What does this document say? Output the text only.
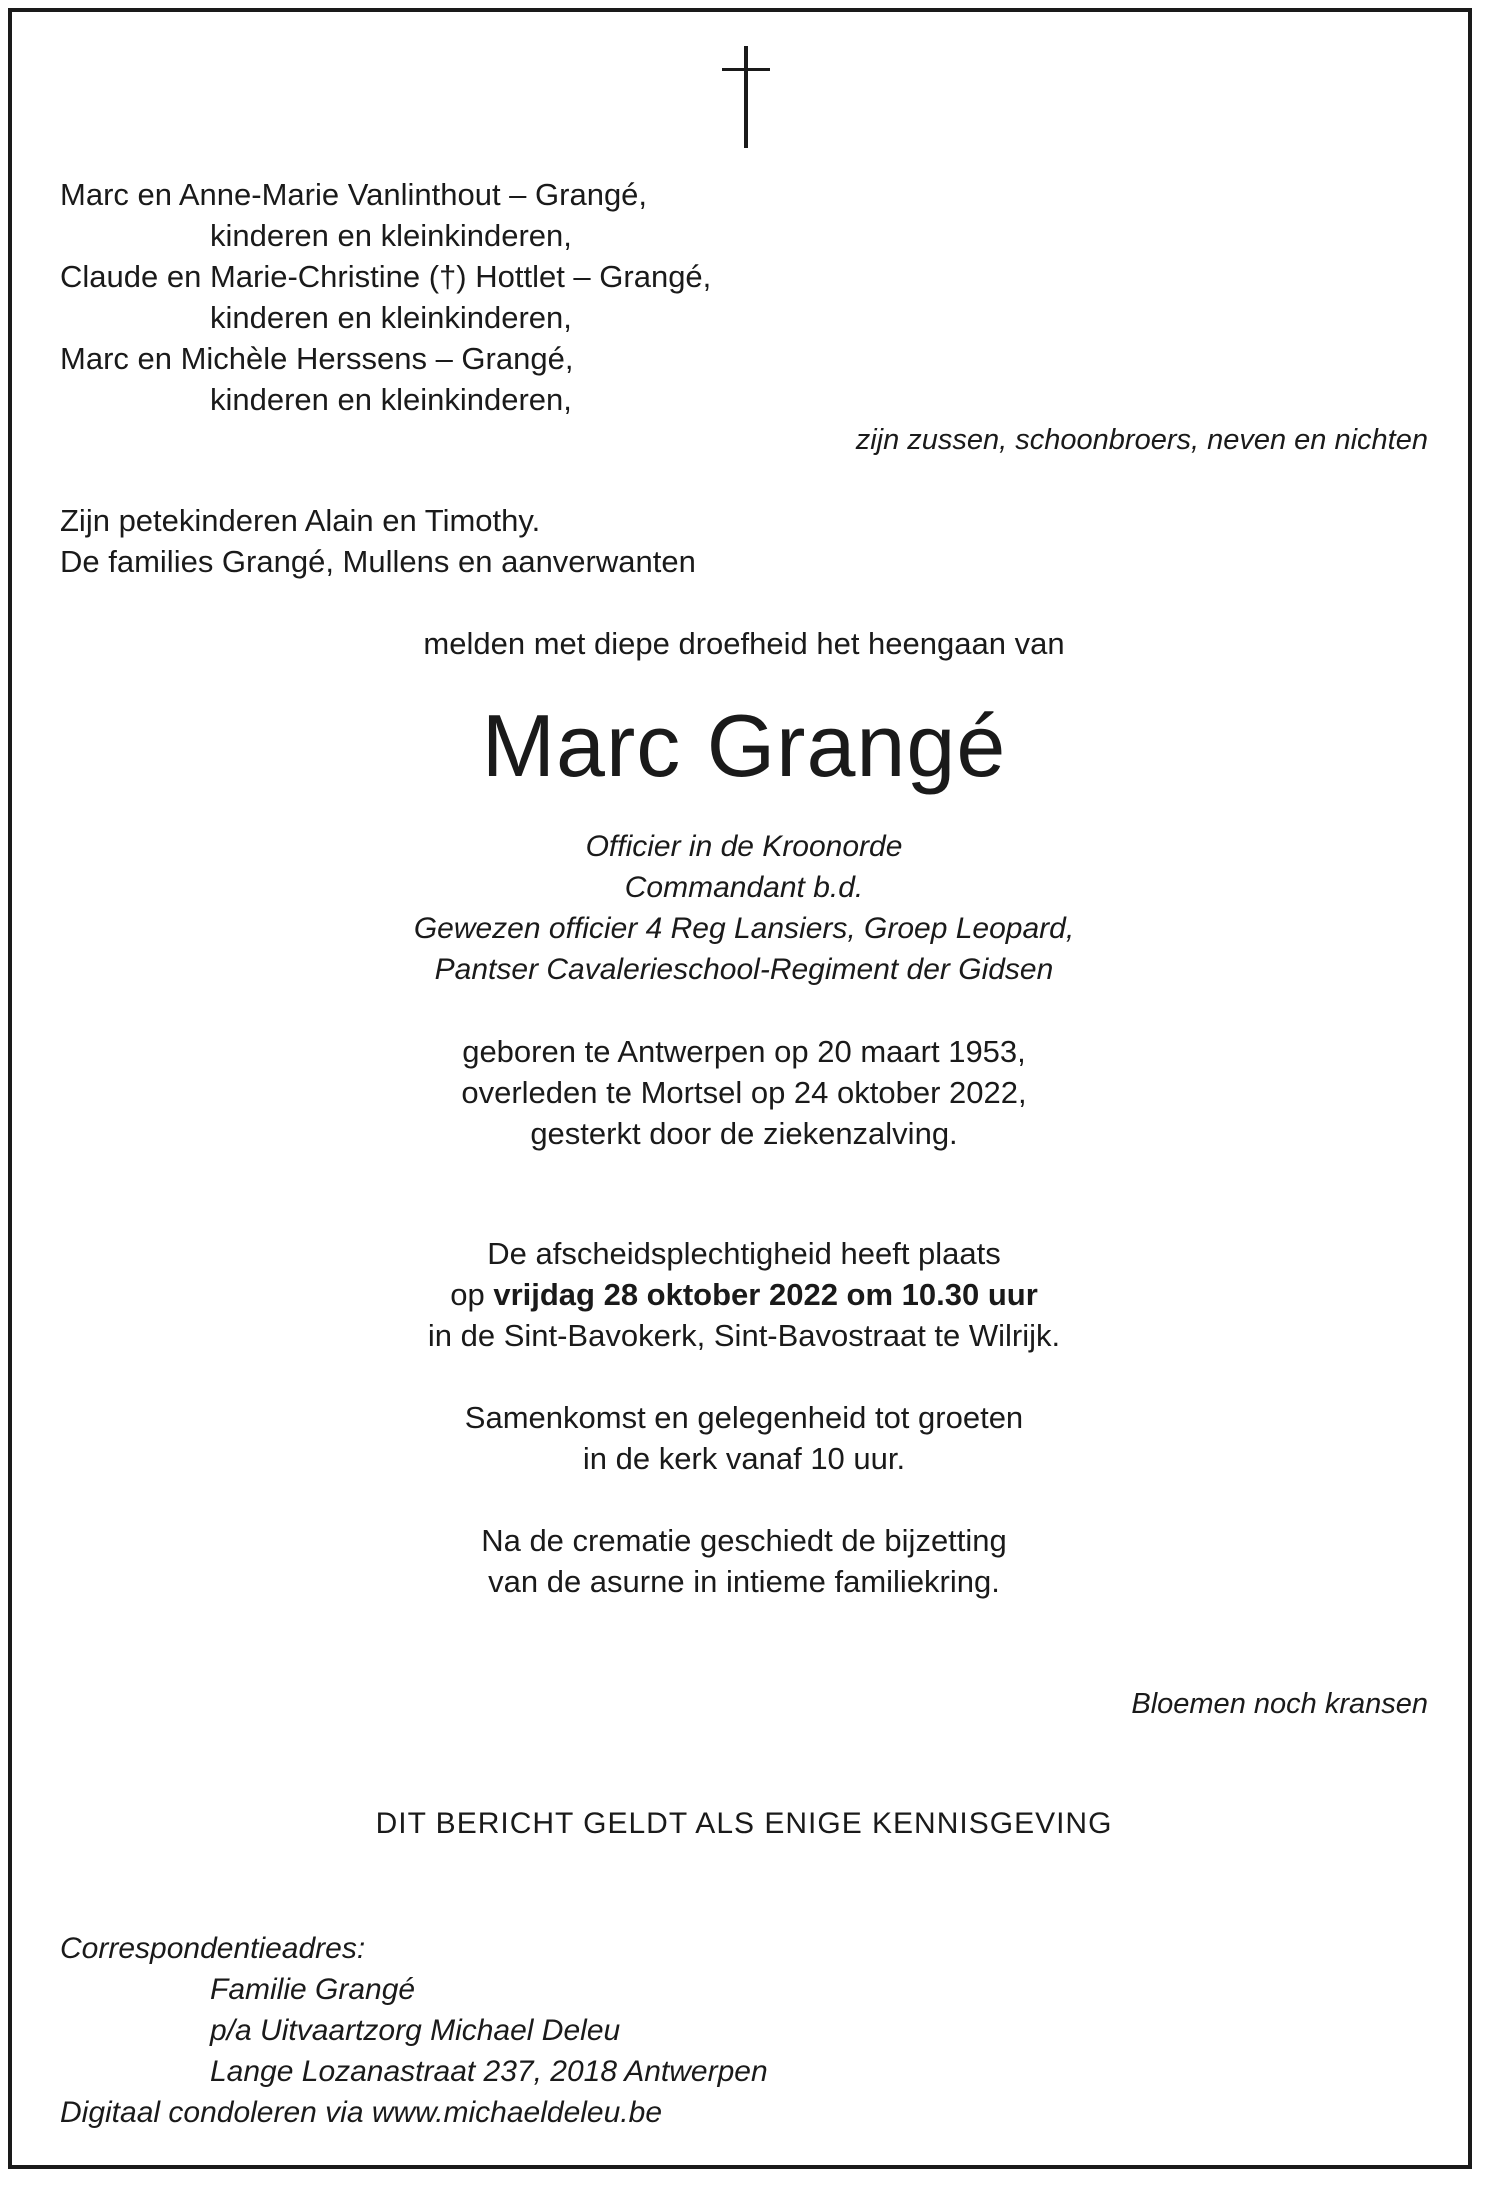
Marc en Anne-Marie Vanlinthout – Grangé,
kinderen en kleinkinderen,
Claude en Marie-Christine (†) Hottlet – Grangé,
kinderen en kleinkinderen,
Marc en Michèle Herssens – Grangé,
kinderen en kleinkinderen,
zijn zussen, schoonbroers, neven en nichten
Zijn petekinderen Alain en Timothy.
De families Grangé, Mullens en aanverwanten
melden met diepe droefheid het heengaan van
Marc Grangé
Officier in de Kroonorde
Commandant b.d.
Gewezen officier 4 Reg Lansiers, Groep Leopard,
Pantser Cavalerieschool-Regiment der Gidsen
geboren te Antwerpen op 20 maart 1953,
overleden te Mortsel op 24 oktober 2022,
gesterkt door de ziekenzalving.
De afscheidsplechtigheid heeft plaats
op vrijdag 28 oktober 2022 om 10.30 uur
in de Sint-Bavokerk, Sint-Bavostraat te Wilrijk.
Samenkomst en gelegenheid tot groeten
in de kerk vanaf 10 uur.
Na de crematie geschiedt de bijzetting
van de asurne in intieme familiekring.
Bloemen noch kransen
DIT BERICHT GELDT ALS ENIGE KENNISGEVING
Correspondentieadres:
Familie Grangé
p/a Uitvaartzorg Michael Deleu
Lange Lozanastraat 237, 2018 Antwerpen
Digitaal condoleren via www.michaeldeleu.be
